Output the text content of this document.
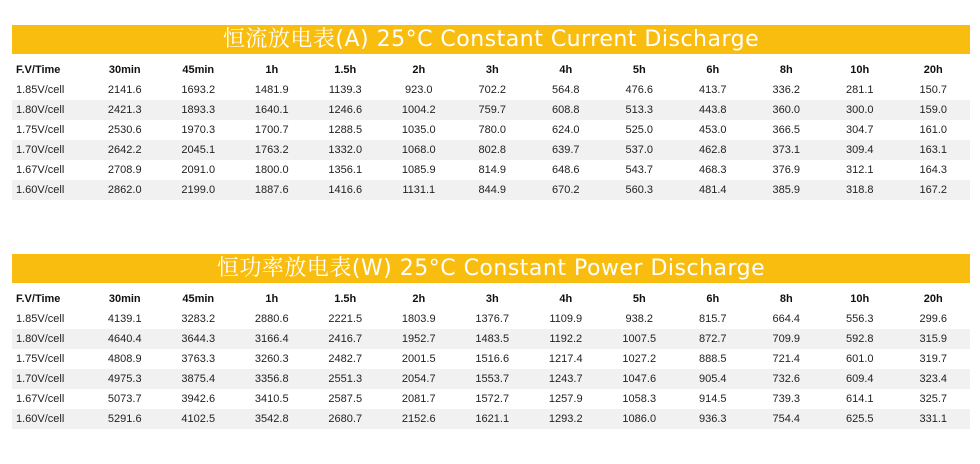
恒流放电表(A) 25°C Constant Current Discharge
F.V/Time	30min	45min	1h	1.5h	2h	3h	4h	5h	6h	8h	10h	20h
1.85V/cell	2141.6	1693.2	1481.9	1139.3	923.0	702.2	564.8	476.6	413.7	336.2	281.1	150.7
1.80V/cell	2421.3	1893.3	1640.1	1246.6	1004.2	759.7	608.8	513.3	443.8	360.0	300.0	159.0
1.75V/cell	2530.6	1970.3	1700.7	1288.5	1035.0	780.0	624.0	525.0	453.0	366.5	304.7	161.0
1.70V/cell	2642.2	2045.1	1763.2	1332.0	1068.0	802.8	639.7	537.0	462.8	373.1	309.4	163.1
1.67V/cell	2708.9	2091.0	1800.0	1356.1	1085.9	814.9	648.6	543.7	468.3	376.9	312.1	164.3
1.60V/cell	2862.0	2199.0	1887.6	1416.6	1131.1	844.9	670.2	560.3	481.4	385.9	318.8	167.2
恒功率放电表(W) 25°C Constant Power Discharge
F.V/Time	30min	45min	1h	1.5h	2h	3h	4h	5h	6h	8h	10h	20h
1.85V/cell	4139.1	3283.2	2880.6	2221.5	1803.9	1376.7	1109.9	938.2	815.7	664.4	556.3	299.6
1.80V/cell	4640.4	3644.3	3166.4	2416.7	1952.7	1483.5	1192.2	1007.5	872.7	709.9	592.8	315.9
1.75V/cell	4808.9	3763.3	3260.3	2482.7	2001.5	1516.6	1217.4	1027.2	888.5	721.4	601.0	319.7
1.70V/cell	4975.3	3875.4	3356.8	2551.3	2054.7	1553.7	1243.7	1047.6	905.4	732.6	609.4	323.4
1.67V/cell	5073.7	3942.6	3410.5	2587.5	2081.7	1572.7	1257.9	1058.3	914.5	739.3	614.1	325.7
1.60V/cell	5291.6	4102.5	3542.8	2680.7	2152.6	1621.1	1293.2	1086.0	936.3	754.4	625.5	331.1
